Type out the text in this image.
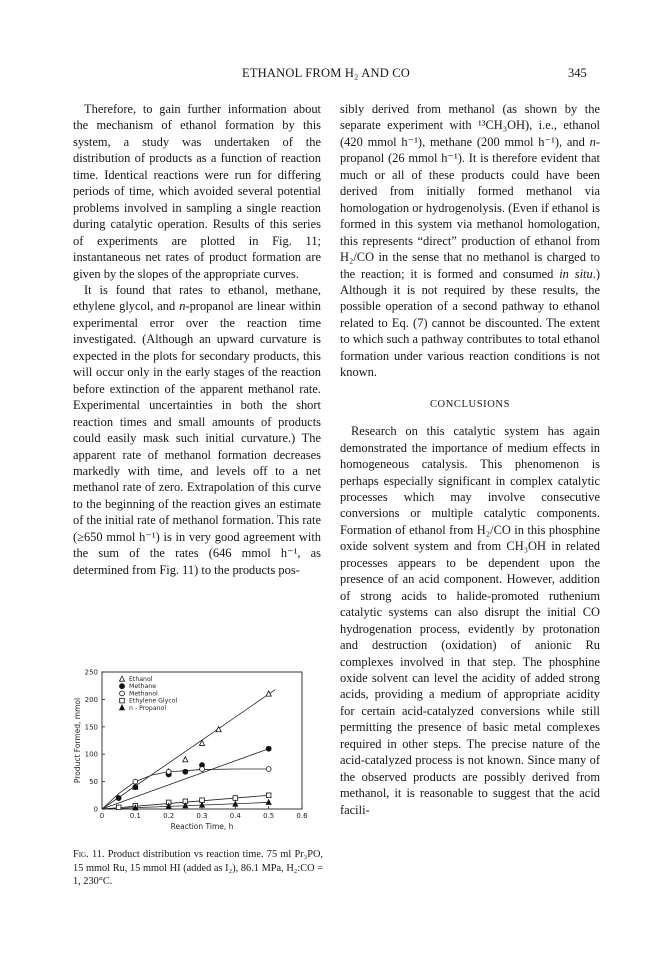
ETHANOL FROM H₂ AND CO	345

Therefore, to gain further information about the mechanism of ethanol formation by this system, a study was undertaken of the distribution of products as a function of reaction time. Identical reactions were run for differing periods of time, which avoided several potential problems involved in sampling a single reaction during catalytic operation. Results of this series of experiments are plotted in Fig. 11; instantaneous net rates of product formation are given by the slopes of the appropriate curves.

It is found that rates to ethanol, methane, ethylene glycol, and n-propanol are linear within experimental error over the reaction time investigated. (Although an upward curvature is expected in the plots for secondary products, this will occur only in the early stages of the reaction before extinction of the apparent methanol rate. Experimental uncertainties in both the short reaction times and small amounts of products could easily mask such initial curvature.) The apparent rate of methanol formation decreases markedly with time, and levels off to a net methanol rate of zero. Extrapolation of this curve to the beginning of the reaction gives an estimate of the initial rate of methanol formation. This rate (≥650 mmol h⁻¹) is in very good agreement with the sum of the rates (646 mmol h⁻¹, as determined from Fig. 11) to the products pos-

sibly derived from methanol (as shown by the separate experiment with ¹³CH₃OH), i.e., ethanol (420 mmol h⁻¹), methane (200 mmol h⁻¹), and n-propanol (26 mmol h⁻¹). It is therefore evident that much or all of these products could have been derived from initially formed methanol via homologation or hydrogenolysis. (Even if ethanol is formed in this system via methanol homologation, this represents “direct” production of ethanol from H₂/CO in the sense that no methanol is charged to the reaction; it is formed and consumed in situ.) Although it is not required by these results, the possible operation of a second pathway to ethanol related to Eq. (7) cannot be discounted. The extent to which such a pathway contributes to total ethanol formation under various reaction conditions is not known.

CONCLUSIONS

Research on this catalytic system has again demonstrated the importance of medium effects in homogeneous catalysis. This phenomenon is perhaps especially significant in complex catalytic processes which may involve consecutive conversions or multiple catalytic components. Formation of ethanol from H₂/CO in this phosphine oxide solvent system and from CH₃OH in related processes appears to be dependent upon the presence of an acid component. However, addition of strong acids to halide-promoted ruthenium catalytic systems can also disrupt the initial CO hydrogenation process, evidently by protonation and destruction (oxidation) of anionic Ru complexes involved in that step. The phosphine oxide solvent can level the acidity of added strong acids, providing a medium of appropriate acidity for certain acid-catalyzed conversions while still permitting the presence of basic metal complexes required in other steps. The precise nature of the acid-catalyzed process is not known. Since many of the observed products are possibly derived from methanol, it is reasonable to suggest that the acid facili-

0	0.1	0.2	0.3	0.4	0.5	0.6
0
50
100
150
200
250
Reaction Time, h
Product Formed, mmol
Ethanol
Methane
Methanol
Ethylene Glycol
n - Propanol
Fig. 11. Product distribution vs reaction time. 75 ml Pr₃PO, 15 mmol Ru, 15 mmol HI (added as I₂), 86.1 MPa, H₂:CO = 1, 230°C.
